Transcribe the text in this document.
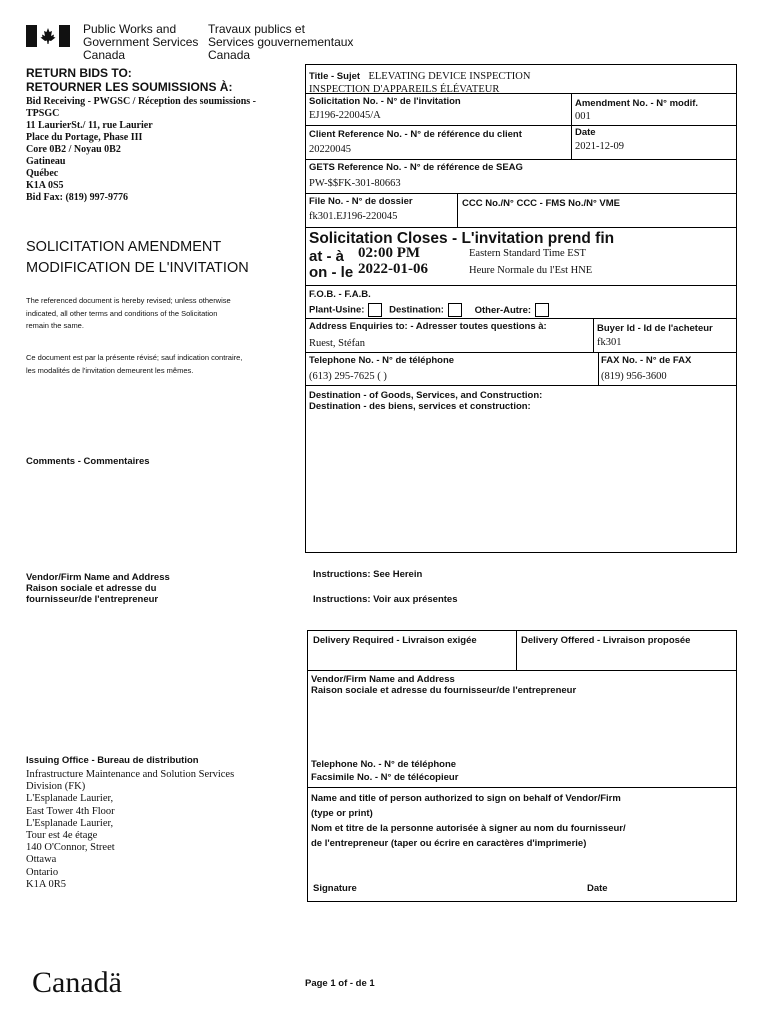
Public Works and
Government Services
Canada
Travaux publics et
Services gouvernementaux
Canada
RETURN BIDS TO:
RETOURNER LES SOUMISSIONS À:
Bid Receiving - PWGSC / Réception des soumissions -
TPSGC
11 LaurierSt./ 11, rue Laurier
Place du Portage, Phase III
Core 0B2 / Noyau 0B2
Gatineau
Québec
K1A 0S5
Bid Fax: (819) 997-9776
SOLICITATION AMENDMENT
MODIFICATION DE L'INVITATION
The referenced document is hereby revised; unless otherwise
indicated, all other terms and conditions of the Solicitation
remain the same.
Ce document est par la présente révisé; sauf indication contraire,
les modalités de l'invitation demeurent les mêmes.
Comments - Commentaires
Vendor/Firm Name and Address
Raison sociale et adresse du
fournisseur/de l'entrepreneur
Issuing Office - Bureau de distribution
Infrastructure Maintenance and Solution Services
Division (FK)
L'Esplanade Laurier,
East Tower 4th Floor
L'Esplanade Laurier,
Tour est 4e étage
140 O'Connor, Street
Ottawa
Ontario
K1A 0R5
Title - Sujet ELEVATING DEVICE INSPECTION
INSPECTION D'APPAREILS ÉLÉVATEUR
Solicitation No. - N° de l'invitation
EJ196-220045/A
Amendment No. - N° modif.
001
Client Reference No. - N° de référence du client
20220045
Date
2021-12-09
GETS Reference No. - N° de référence de SEAG
PW-$$FK-301-80663
File No. - N° de dossier
fk301.EJ196-220045
CCC No./N° CCC - FMS No./N° VME
Solicitation Closes - L'invitation prend fin
at - à 02:00 PM	Eastern Standard Time EST
on - le 2022-01-06	Heure Normale du l'Est HNE
F.O.B. - F.A.B.
Plant-Usine:	Destination:	Other-Autre:
Address Enquiries to: - Adresser toutes questions à:
Ruest, Stéfan
Buyer Id - Id de l'acheteur
fk301
Telephone No. - N° de téléphone
(613) 295-7625 ( )
FAX No. - N° de FAX
(819) 956-3600
Destination - of Goods, Services, and Construction:
Destination - des biens, services et construction:
Instructions: See Herein
Instructions: Voir aux présentes
Delivery Required - Livraison exigée	Delivery Offered - Livraison proposée
Vendor/Firm Name and Address
Raison sociale et adresse du fournisseur/de l'entrepreneur
Telephone No. - N° de téléphone
Facsimile No. - N° de télécopieur
Name and title of person authorized to sign on behalf of Vendor/Firm
(type or print)
Nom et titre de la personne autorisée à signer au nom du fournisseur/
de l'entrepreneur (taper ou écrire en caractères d'imprimerie)
Signature	Date
Canadä	Page 1 of - de 1
